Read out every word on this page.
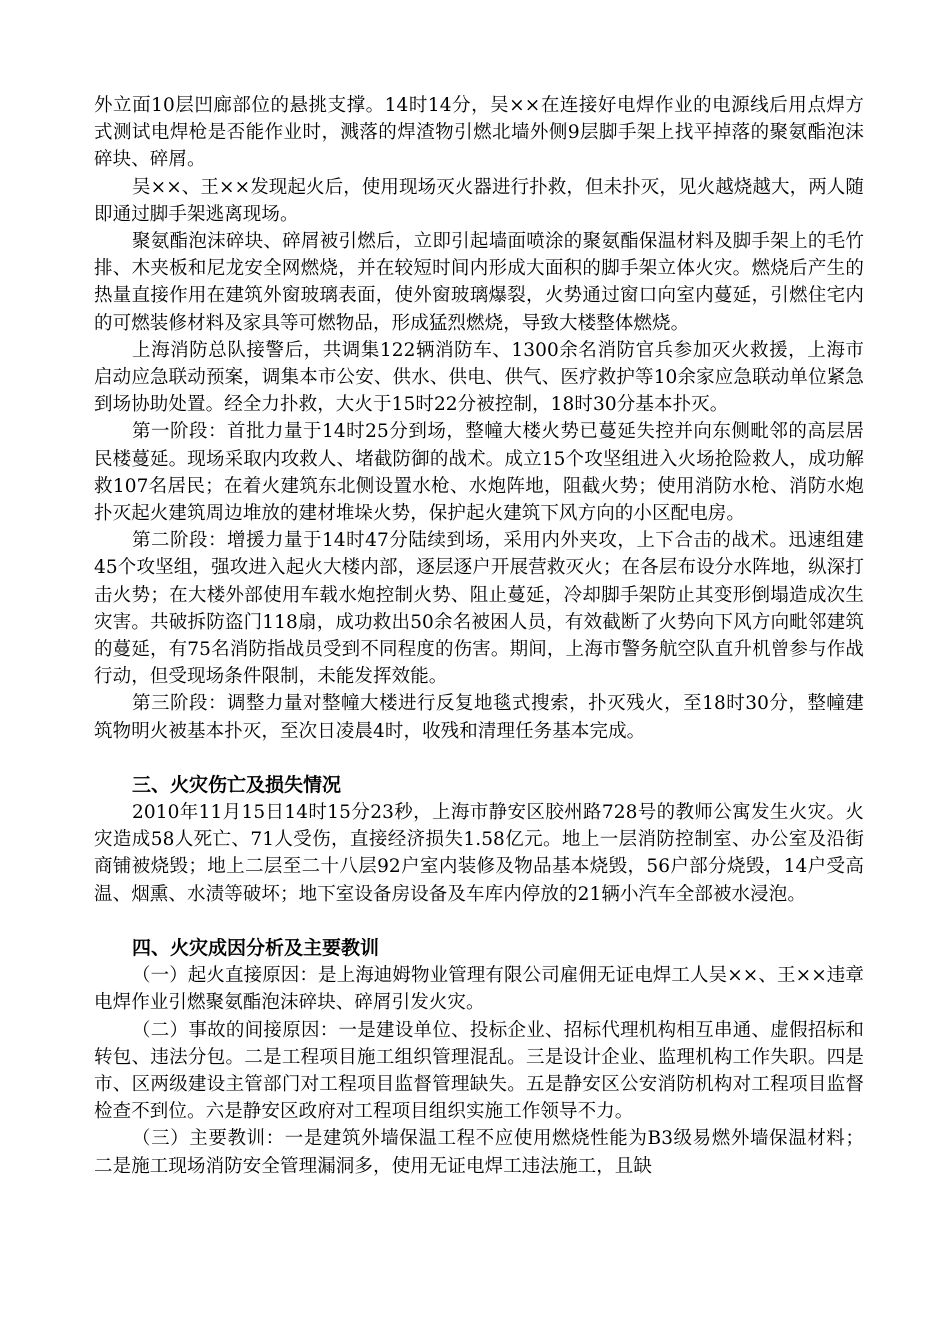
外立面10层凹廊部位的悬挑支撑。14时14分，吴××在连接好电焊作业的电源线后用点焊方式测试电焊枪是否能作业时，溅落的焊渣物引燃北墙外侧9层脚手架上找平掉落的聚氨酯泡沫碎块、碎屑。

吴××、王××发现起火后，使用现场灭火器进行扑救，但未扑灭，见火越烧越大，两人随即通过脚手架逃离现场。

聚氨酯泡沫碎块、碎屑被引燃后，立即引起墙面喷涂的聚氨酯保温材料及脚手架上的毛竹排、木夹板和尼龙安全网燃烧，并在较短时间内形成大面积的脚手架立体火灾。燃烧后产生的热量直接作用在建筑外窗玻璃表面，使外窗玻璃爆裂，火势通过窗口向室内蔓延，引燃住宅内的可燃装修材料及家具等可燃物品，形成猛烈燃烧，导致大楼整体燃烧。

上海消防总队接警后，共调集122辆消防车、1300余名消防官兵参加灭火救援，上海市启动应急联动预案，调集本市公安、供水、供电、供气、医疗救护等10余家应急联动单位紧急到场协助处置。经全力扑救，大火于15时22分被控制，18时30分基本扑灭。

第一阶段：首批力量于14时25分到场，整幢大楼火势已蔓延失控并向东侧毗邻的高层居民楼蔓延。现场采取内攻救人、堵截防御的战术。成立15个攻坚组进入火场抢险救人，成功解救107名居民；在着火建筑东北侧设置水枪、水炮阵地，阻截火势；使用消防水枪、消防水炮扑灭起火建筑周边堆放的建材堆垛火势，保护起火建筑下风方向的小区配电房。

第二阶段：增援力量于14时47分陆续到场，采用内外夹攻，上下合击的战术。迅速组建45个攻坚组，强攻进入起火大楼内部，逐层逐户开展营救灭火；在各层布设分水阵地，纵深打击火势；在大楼外部使用车载水炮控制火势、阻止蔓延，冷却脚手架防止其变形倒塌造成次生灾害。共破拆防盗门118扇，成功救出50余名被困人员，有效截断了火势向下风方向毗邻建筑的蔓延，有75名消防指战员受到不同程度的伤害。期间，上海市警务航空队直升机曾参与作战行动，但受现场条件限制，未能发挥效能。

第三阶段：调整力量对整幢大楼进行反复地毯式搜索，扑灭残火，至18时30分，整幢建筑物明火被基本扑灭，至次日凌晨4时，收残和清理任务基本完成。

三、火灾伤亡及损失情况

2010年11月15日14时15分23秒，上海市静安区胶州路728号的教师公寓发生火灾。火灾造成58人死亡、71人受伤，直接经济损失1.58亿元。地上一层消防控制室、办公室及沿街商铺被烧毁；地上二层至二十八层92户室内装修及物品基本烧毁，56户部分烧毁，14户受高温、烟熏、水渍等破坏；地下室设备房设备及车库内停放的21辆小汽车全部被水浸泡。

四、火灾成因分析及主要教训

（一）起火直接原因：是上海迪姆物业管理有限公司雇佣无证电焊工人吴××、王××违章电焊作业引燃聚氨酯泡沫碎块、碎屑引发火灾。

（二）事故的间接原因：一是建设单位、投标企业、招标代理机构相互串通、虚假招标和转包、违法分包。二是工程项目施工组织管理混乱。三是设计企业、监理机构工作失职。四是市、区两级建设主管部门对工程项目监督管理缺失。五是静安区公安消防机构对工程项目监督检查不到位。六是静安区政府对工程项目组织实施工作领导不力。

（三）主要教训：一是建筑外墙保温工程不应使用燃烧性能为B3级易燃外墙保温材料；二是施工现场消防安全管理漏洞多，使用无证电焊工违法施工，且缺
